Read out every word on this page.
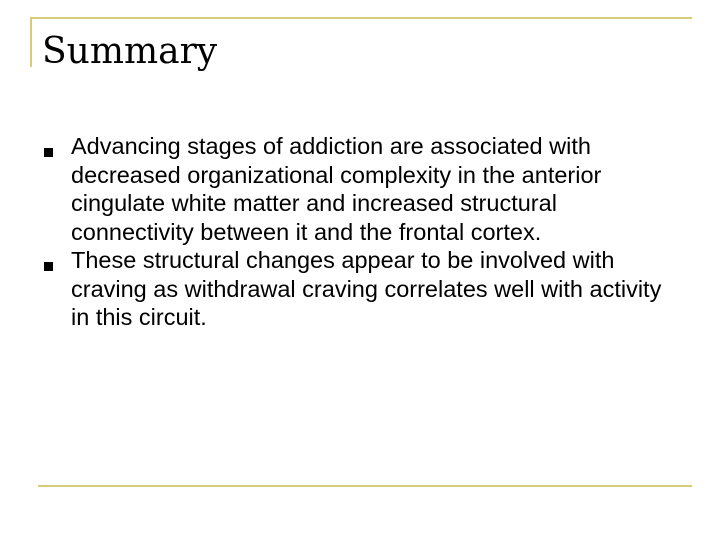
Summary
Advancing stages of addiction are associated with decreased organizational complexity in the anterior cingulate white matter and increased structural connectivity between it and the frontal cortex.
These structural changes appear to be involved with craving as withdrawal craving correlates well with activity in this circuit.
